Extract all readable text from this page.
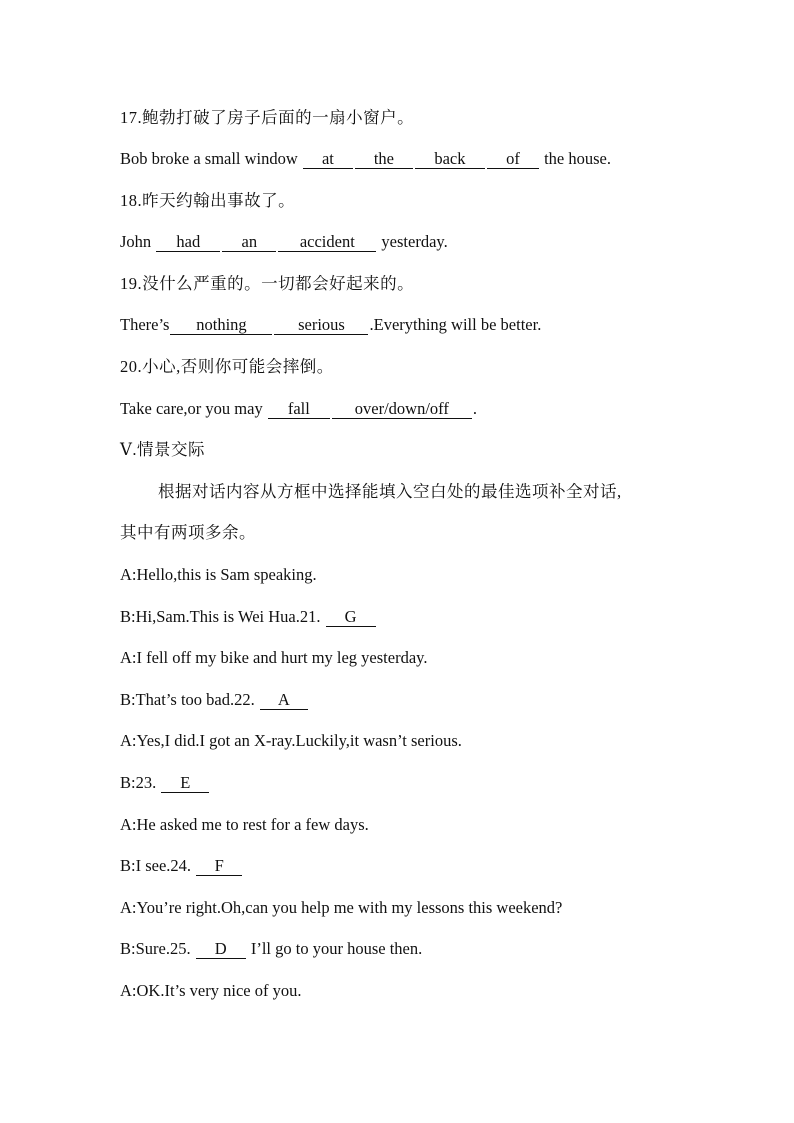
17.鲍勃打破了房子后面的一扇小窗户。
Bob broke a small window at the back of the house.
18.昨天约翰出事故了。
John had	an	accident yesterday.
19.没什么严重的。一切都会好起来的。
There’s nothing	serious .Everything will be better.
20.小心,否则你可能会摔倒。
Take care,or you may fall	over/down/off .
Ⅴ.情景交际
根据对话内容从方框中选择能填入空白处的最佳选项补全对话,
其中有两项多余。
A:Hello,this is Sam speaking.
B:Hi,Sam.This is Wei Hua.21. G
A:I fell off my bike and hurt my leg yesterday.
B:That’s too bad.22. A
A:Yes,I did.I got an X-ray.Luckily,it wasn’t serious.
B:23. E
A:He asked me to rest for a few days.
B:I see.24. F
A:You’re right.Oh,can you help me with my lessons this weekend?
B:Sure.25. D I’ll go to your house then.
A:OK.It’s very nice of you.
